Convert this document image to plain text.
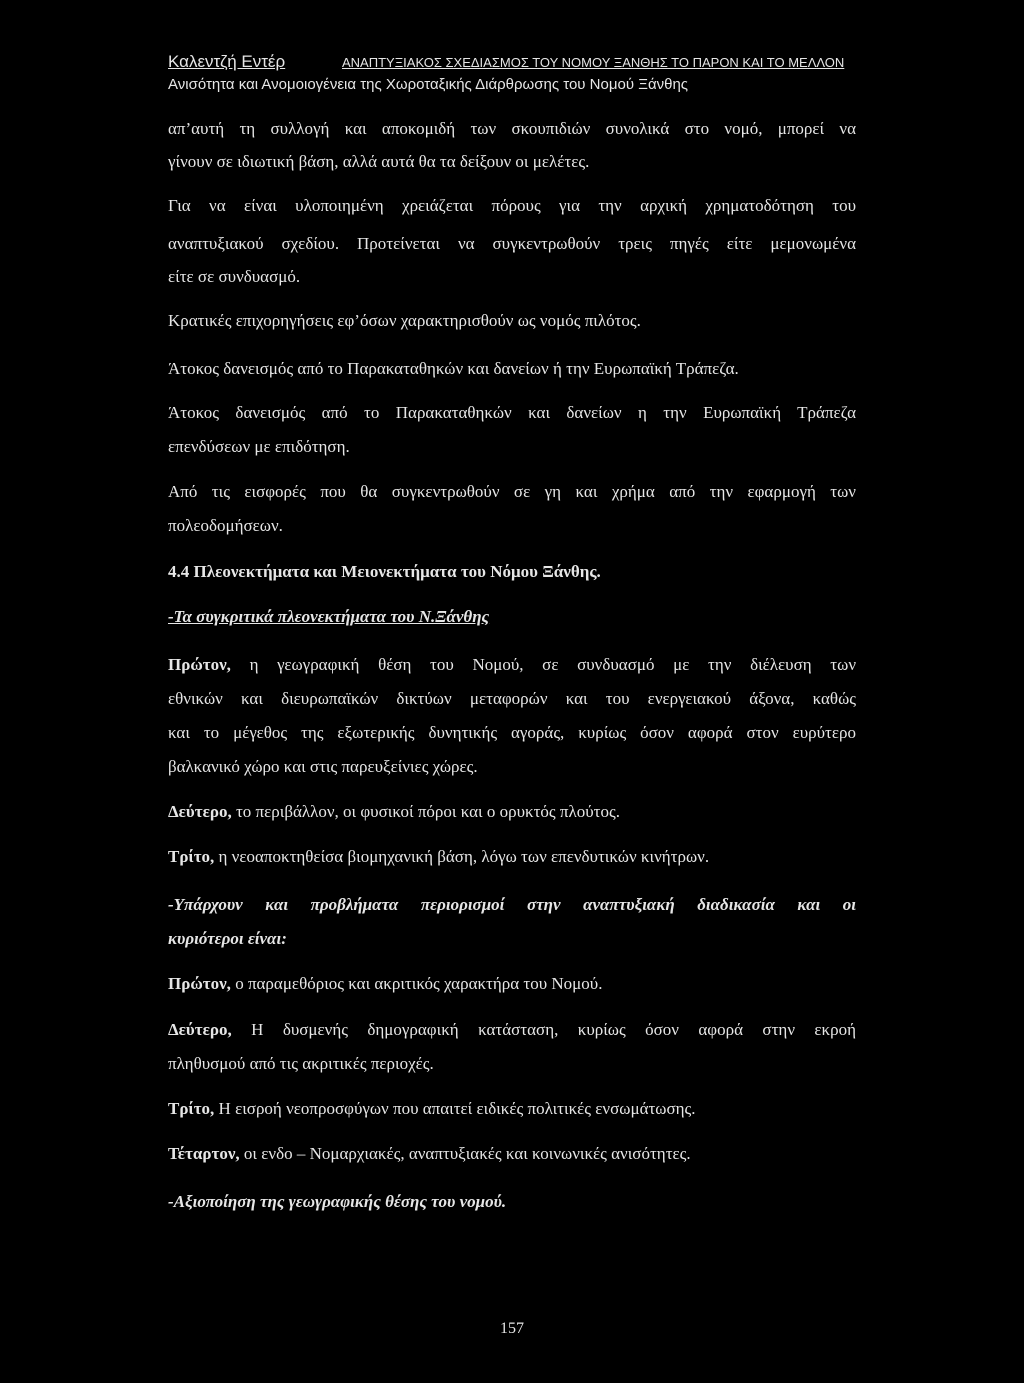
Καλεντζή Εντέρ	ΑΝΑΠΤΥΞΙΑΚΟΣ ΣΧΕΔΙΑΣΜΟΣ ΤΟΥ ΝΟΜΟΥ ΞΑΝΘΗΣ ΤΟ ΠΑΡΟΝ ΚΑΙ ΤΟ ΜΕΛΛΟΝ
Ανισότητα και Ανομοιογένεια της Χωροταξικής Διάρθρωσης του Νομού Ξάνθης
απ’αυτή τη συλλογή και αποκομιδή των σκουπιδιών συνολικά στο νομό, μπορεί να
γίνουν σε ιδιωτική βάση, αλλά αυτά θα τα δείξουν οι μελέτες.
Για να είναι υλοποιημένη χρειάζεται πόρους για την αρχική χρηματοδότηση του
αναπτυξιακού σχεδίου. Προτείνεται να συγκεντρωθούν τρεις πηγές είτε μεμονωμένα
είτε σε συνδυασμό.
Κρατικές επιχορηγήσεις εφ’όσων χαρακτηρισθούν ως νομός πιλότος.
Άτοκος δανεισμός από το Παρακαταθηκών και δανείων ή την Ευρωπαϊκή Τράπεζα.
Άτοκος δανεισμός από το Παρακαταθηκών και δανείων η την Ευρωπαϊκή Τράπεζα
επενδύσεων με επιδότηση.
Από τις εισφορές που θα συγκεντρωθούν σε γη και χρήμα από την εφαρμογή των
πολεοδομήσεων.
4.4 Πλεονεκτήματα και Μειονεκτήματα του Νόμου Ξάνθης.
-Τα συγκριτικά πλεονεκτήματα του Ν.Ξάνθης
Πρώτον, η γεωγραφική θέση του Νομού, σε συνδυασμό με την διέλευση των
εθνικών και διευρωπαϊκών δικτύων μεταφορών και του ενεργειακού άξονα, καθώς
και το μέγεθος της εξωτερικής δυνητικής αγοράς, κυρίως όσον αφορά στον ευρύτερο
βαλκανικό χώρο και στις παρευξείνιες χώρες.
Δεύτερο, το περιβάλλον, οι φυσικοί πόροι και ο ορυκτός πλούτος.
Τρίτο, η νεοαποκτηθείσα βιομηχανική βάση, λόγω των επενδυτικών κινήτρων.
-Υπάρχουν και προβλήματα περιορισμοί στην αναπτυξιακή διαδικασία και οι
κυριότεροι είναι:
Πρώτον, ο παραμεθόριος και ακριτικός χαρακτήρα του Νομού.
Δεύτερο, Η δυσμενής δημογραφική κατάσταση, κυρίως όσον αφορά στην εκροή
πληθυσμού από τις ακριτικές περιοχές.
Τρίτο, Η εισροή νεοπροσφύγων που απαιτεί ειδικές πολιτικές ενσωμάτωσης.
Τέταρτον, οι ενδο – Νομαρχιακές, αναπτυξιακές και κοινωνικές ανισότητες.
-Αξιοποίηση της γεωγραφικής θέσης του νομού.
157
